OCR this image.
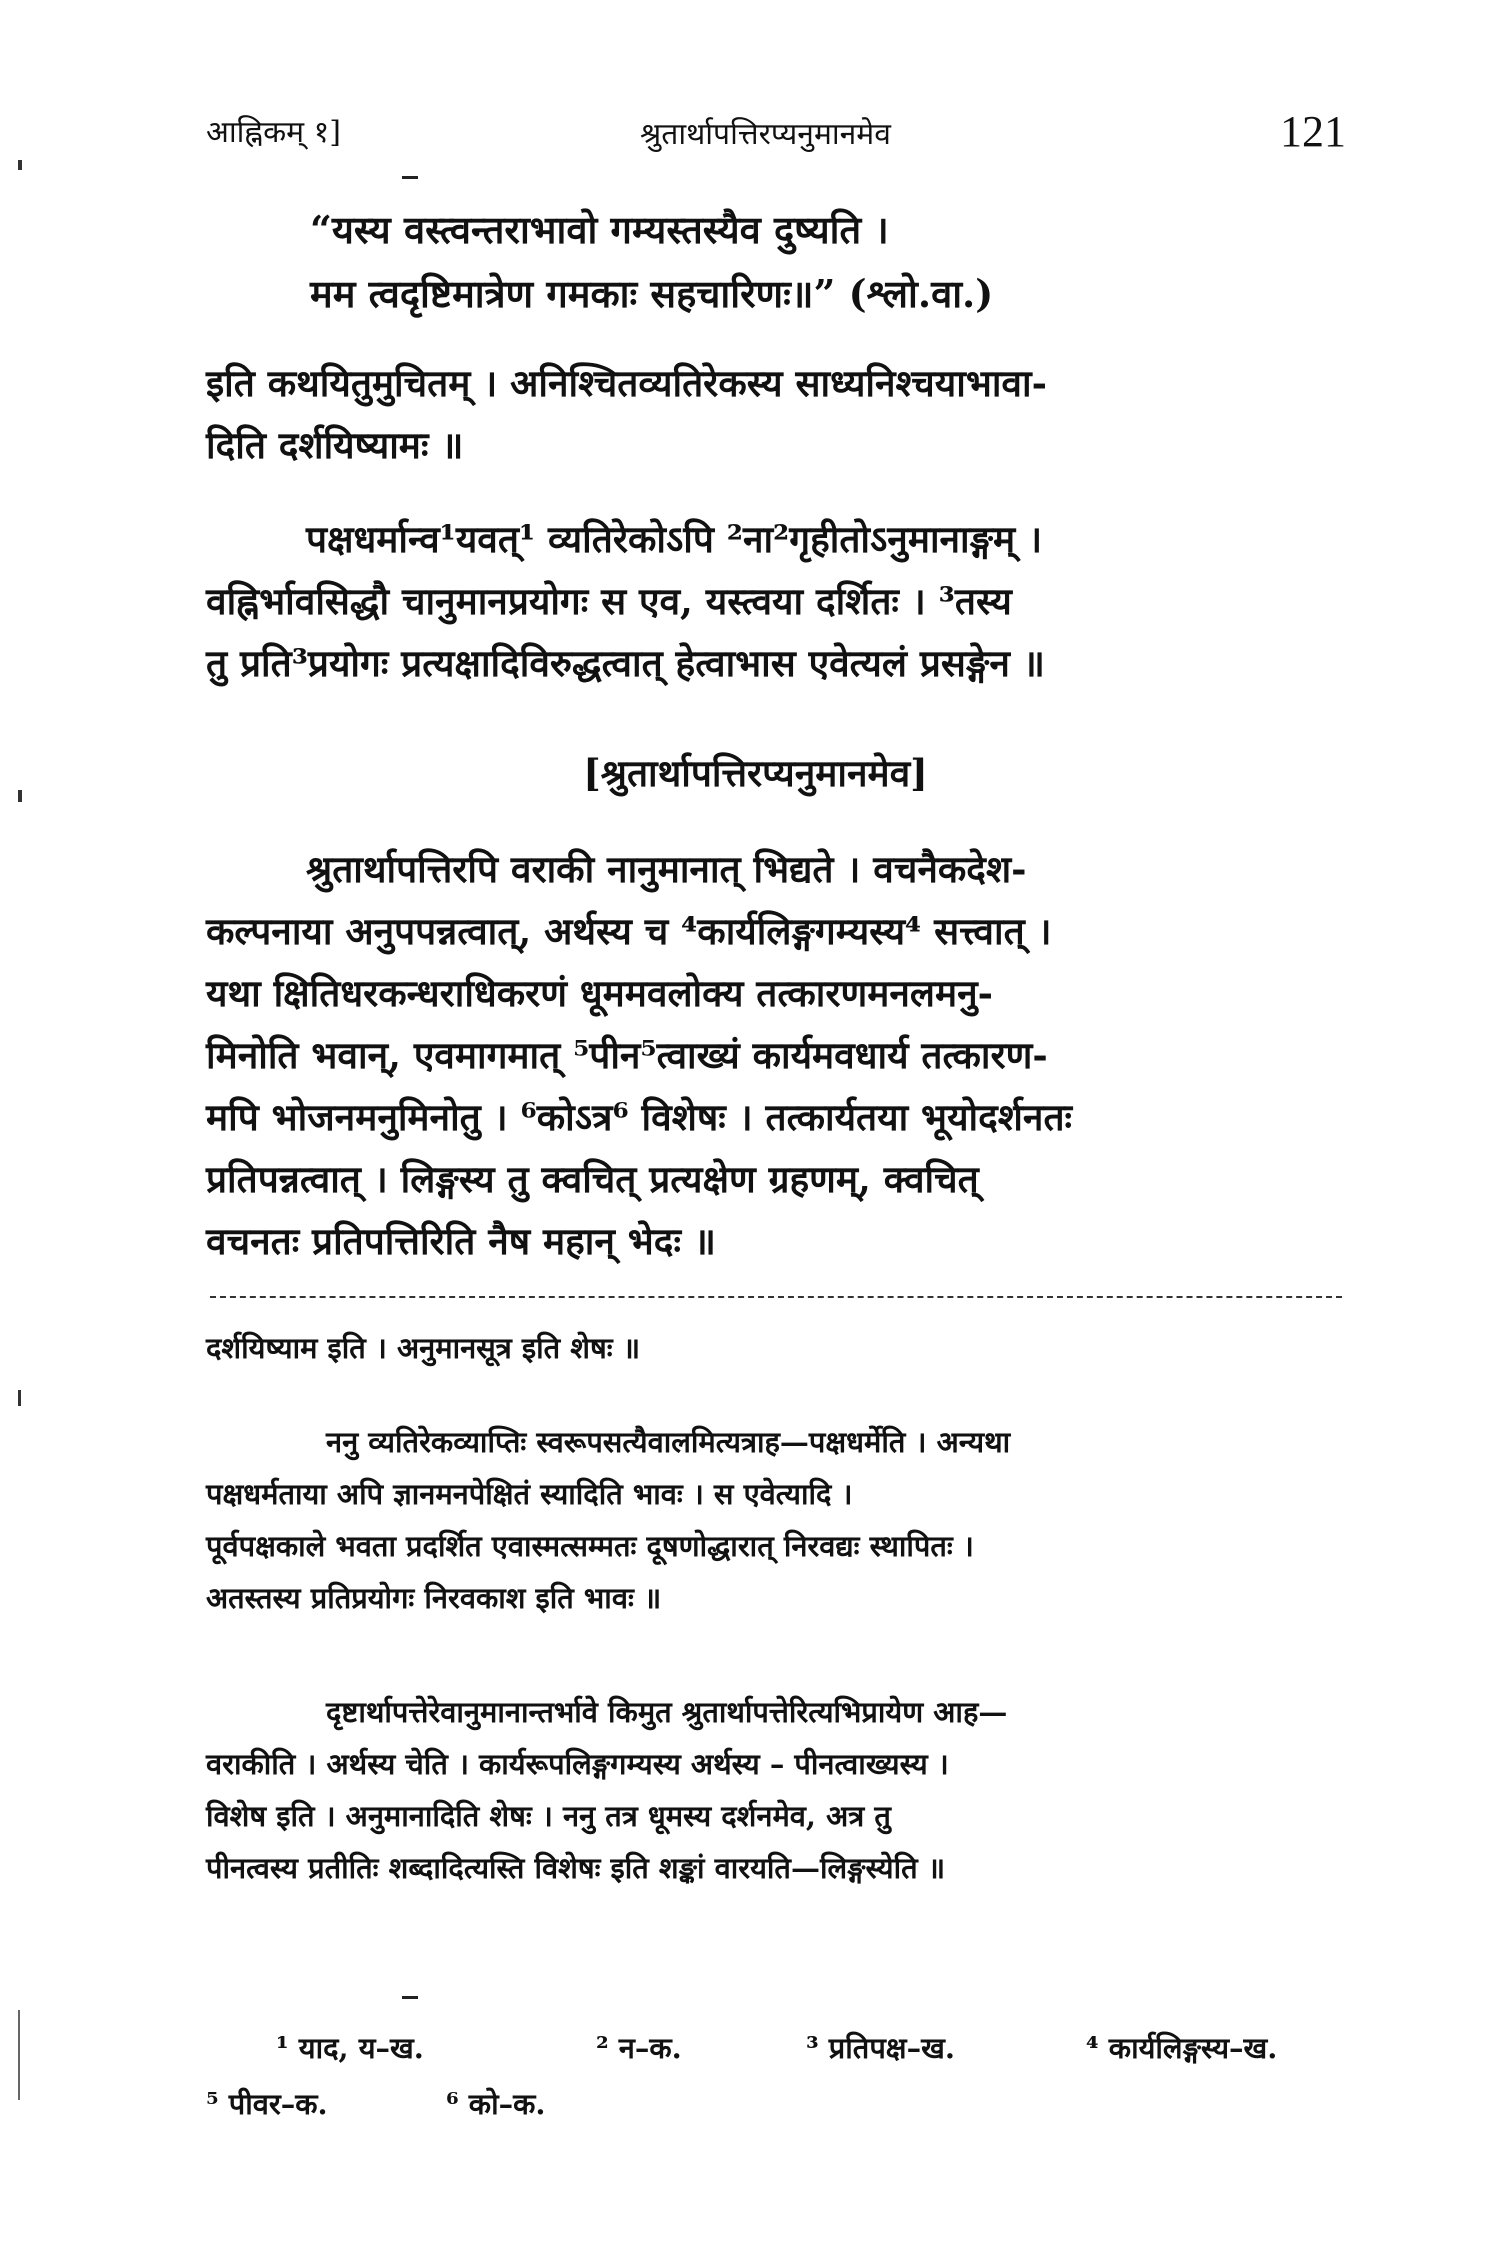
आह्निकम् १]	श्रुतार्थापत्तिरप्यनुमानमेव	121
“यस्य वस्त्वन्तराभावो गम्यस्तस्यैव दुष्यति ।
मम त्वदृष्टिमात्रेण गमकाः सहचारिणः॥” (श्लो.वा.)
इति कथयितुमुचितम् । अनिश्चितव्यतिरेकस्य साध्यनिश्चयाभावा-
दिति दर्शयिष्यामः ॥
पक्षधर्मान्व¹यवत्¹ व्यतिरेकोऽपि ²ना²गृहीतोऽनुमानाङ्गम् ।
वह्निर्भावसिद्धौ चानुमानप्रयोगः स एव, यस्त्वया दर्शितः । ³तस्य
तु प्रति³प्रयोगः प्रत्यक्षादिविरुद्धत्वात् हेत्वाभास एवेत्यलं प्रसङ्गेन ॥
[श्रुतार्थापत्तिरप्यनुमानमेव]
श्रुतार्थापत्तिरपि वराकी नानुमानात् भिद्यते । वचनैकदेश-
कल्पनाया अनुपपन्नत्वात्, अर्थस्य च ⁴कार्यलिङ्गगम्यस्य⁴ सत्त्वात् ।
यथा क्षितिधरकन्धराधिकरणं धूममवलोक्य तत्कारणमनलमनु-
मिनोति भवान्, एवमागमात् ⁵पीन⁵त्वाख्यं कार्यमवधार्य तत्कारण-
मपि भोजनमनुमिनोतु । ⁶कोऽत्र⁶ विशेषः । तत्कार्यतया भूयोदर्शनतः
प्रतिपन्नत्वात् । लिङ्गस्य तु क्वचित् प्रत्यक्षेण ग्रहणम्, क्वचित्
वचनतः प्रतिपत्तिरिति नैष महान् भेदः ॥
दर्शयिष्याम इति । अनुमानसूत्र इति शेषः ॥
ननु व्यतिरेकव्याप्तिः स्वरूपसत्यैवालमित्यत्राह—पक्षधर्मेति । अन्यथा
पक्षधर्मताया अपि ज्ञानमनपेक्षितं स्यादिति भावः । स एवेत्यादि ।
पूर्वपक्षकाले भवता प्रदर्शित एवास्मत्सम्मतः दूषणोद्धारात् निरवद्यः स्थापितः ।
अतस्तस्य प्रतिप्रयोगः निरवकाश इति भावः ॥
दृष्टार्थापत्तेरेवानुमानान्तर्भावे किमुत श्रुतार्थापत्तेरित्यभिप्रायेण आह—
वराकीति । अर्थस्य चेति । कार्यरूपलिङ्गगम्यस्य अर्थस्य – पीनत्वाख्यस्य ।
विशेष इति । अनुमानादिति शेषः । ननु तत्र धूमस्य दर्शनमेव, अत्र तु
पीनत्वस्य प्रतीतिः शब्दादित्यस्ति विशेषः इति शङ्कां वारयति—लिङ्गस्येति ॥
¹ याद, य–ख.	² न–क.	³ प्रतिपक्ष–ख.	⁴ कार्यलिङ्गस्य–ख.
⁵ पीवर–क.	⁶ को–क.
